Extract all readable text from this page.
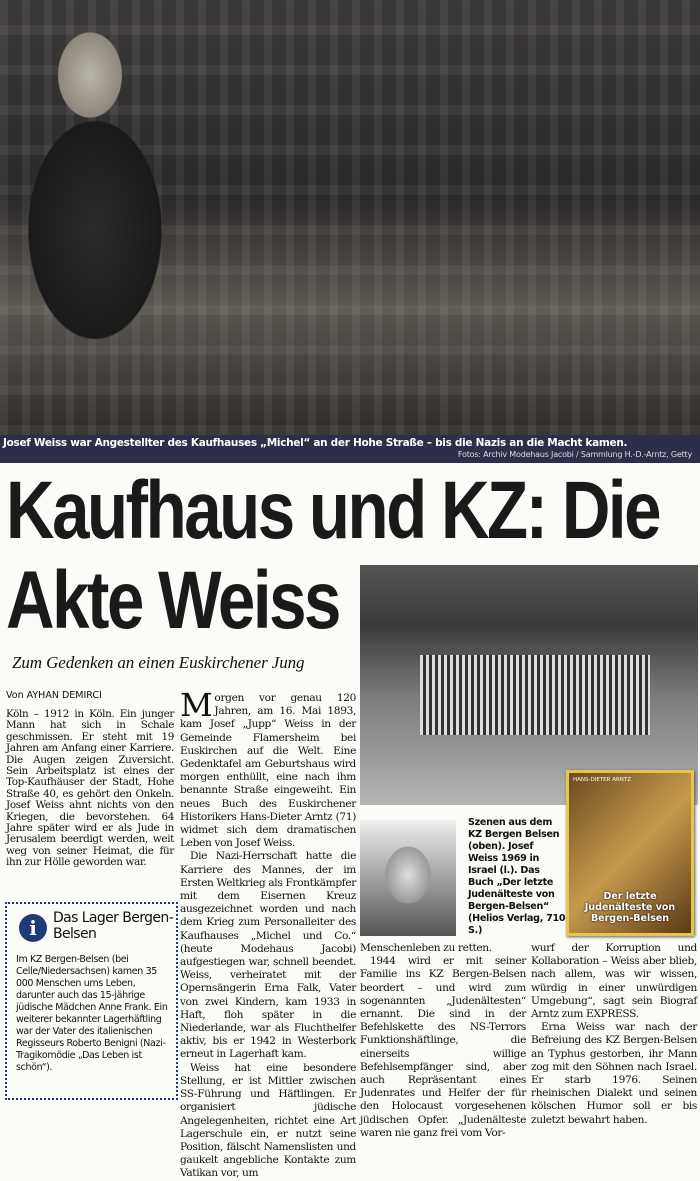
Josef Weiss war Angestellter des Kaufhauses „Michel“ an der Hohe Straße – bis die Nazis an die Macht kamen.
Fotos: Archiv Modehaus Jacobi / Sammlung H.-D.-Arntz, Getty
Kaufhaus und KZ: Die
Akte Weiss
Zum Gedenken an einen Euskirchener Jung
Von AYHAN DEMIRCI

Köln – 1912 in Köln. Ein junger Mann hat sich in Schale geschmissen. Er steht mit 19 Jahren am Anfang einer Karriere. Die Augen zeigen Zuversicht. Sein Arbeitsplatz ist eines der Top-Kaufhäuser der Stadt, Hohe Straße 40, es gehört den Onkeln. Josef Weiss ahnt nichts von den Kriegen, die bevorstehen. 64 Jahre später wird er als Jude in Jerusalem beerdigt werden, weit weg von seiner Heimat, die für ihn zur Hölle geworden war.

Morgen vor genau 120 Jahren, am 16. Mai 1893, kam Josef „Jupp“ Weiss in der Gemeinde Flamersheim bei Euskirchen auf die Welt. Eine Gedenktafel am Geburtshaus wird morgen enthüllt, eine nach ihm benannte Straße eingeweiht. Ein neues Buch des Euskirchener Historikers Hans-Dieter Arntz (71) widmet sich dem dramatischen Leben von Josef Weiss.

Die Nazi-Herrschaft hatte die Karriere des Mannes, der im Ersten Weltkrieg als Frontkämpfer mit dem Eisernen Kreuz ausgezeichnet worden und nach dem Krieg zum Personalleiter des Kaufhauses „Michel und Co.“ (heute Modehaus Jacobi) aufgestiegen war, schnell beendet. Weiss, verheiratet mit der Opernsängerin Erna Falk, Vater von zwei Kindern, kam 1933 in Haft, floh später in die Niederlande, war als Fluchthelfer aktiv, bis er 1942 in Westerbork erneut in Lagerhaft kam.

Weiss hat eine besondere Stellung, er ist Mittler zwischen SS-Führung und Häftlingen. Er organisiert jüdische Angelegenheiten, richtet eine Art Lagerschule ein, er nutzt seine Position, fälscht Namenslisten und gaukelt angebliche Kontakte zum Vatikan vor, um

Szenen aus dem KZ Bergen Belsen (oben). Josef Weiss 1969 in Israel (l.). Das Buch „Der letzte Judenälteste von Bergen-Belsen“ (Helios Verlag, 710 S.)
HANS-DIETER ARNTZ
Der letzte Judenälteste von Bergen-Belsen

Menschenleben zu retten.

1944 wird er mit seiner Familie ins KZ Bergen-Belsen beordert – und wird zum sogenannten „Judenältesten“ ernannt. Die sind in der Befehlskette des NS-Terrors Funktionshäftlinge, die einerseits willige Befehlsempfänger sind, aber auch Repräsentant eines Judenrates und Helfer der für den Holocaust vorgesehenen jüdischen Opfer. „Judenälteste waren nie ganz frei vom Vor-

wurf der Korruption und Kollaboration – Weiss aber blieb, nach allem, was wir wissen, würdig in einer unwürdigen Umgebung“, sagt sein Biograf Arntz zum EXPRESS.

Erna Weiss war nach der Befreiung des KZ Bergen-Belsen an Typhus gestorben, ihr Mann zog mit den Söhnen nach Israel. Er starb 1976. Seinen rheinischen Dialekt und seinen kölschen Humor soll er bis zuletzt bewahrt haben.

i	Das Lager Bergen-Belsen
Im KZ Bergen-Belsen (bei Celle/Niedersachsen) kamen 35 000 Menschen ums Leben, darunter auch das 15-jährige jüdische Mädchen Anne Frank. Ein weiterer bekannter Lagerhäftling war der Vater des italienischen Regisseurs Roberto Benigni (Nazi-Tragikomödie „Das Leben ist schön“).
